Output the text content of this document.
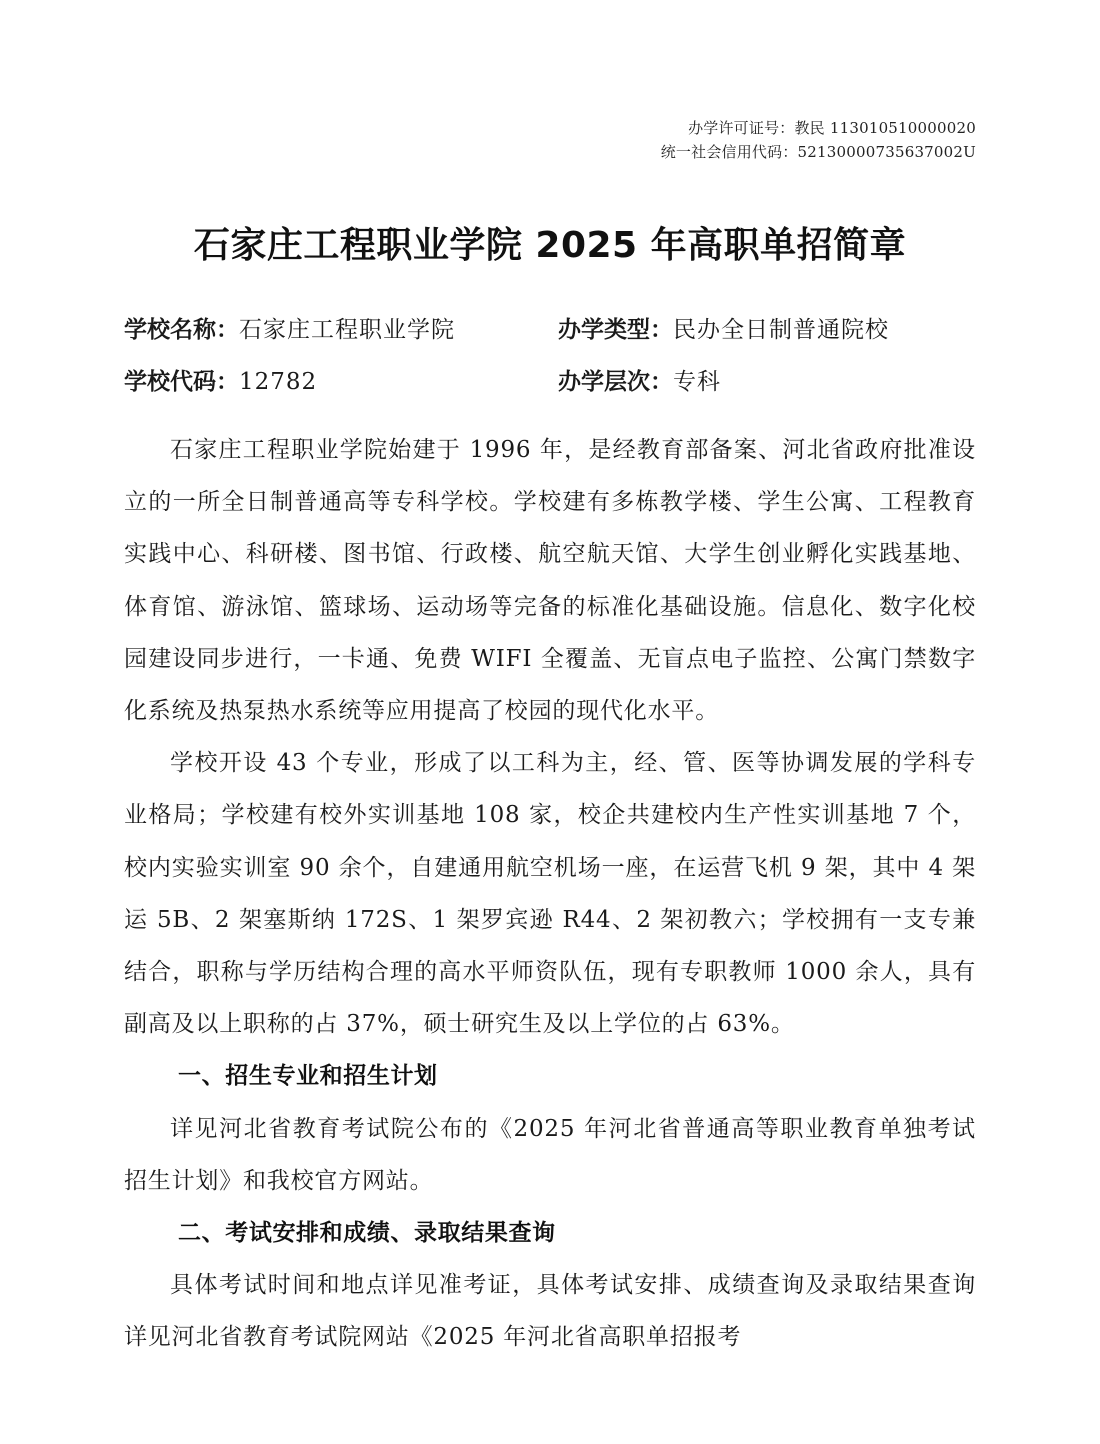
办学许可证号：教民 113010510000020
统一社会信用代码：52130000735637002U
石家庄工程职业学院 2025 年高职单招简章
学校名称：石家庄工程职业学院	办学类型：民办全日制普通院校
学校代码：12782	办学层次：专科

石家庄工程职业学院始建于 1996 年，是经教育部备案、河北省政府批准设立的一所全日制普通高等专科学校。学校建有多栋教学楼、学生公寓、工程教育实践中心、科研楼、图书馆、行政楼、航空航天馆、大学生创业孵化实践基地、体育馆、游泳馆、篮球场、运动场等完备的标准化基础设施。信息化、数字化校园建设同步进行，一卡通、免费 WIFI 全覆盖、无盲点电子监控、公寓门禁数字化系统及热泵热水系统等应用提高了校园的现代化水平。

学校开设 43 个专业，形成了以工科为主，经、管、医等协调发展的学科专业格局；学校建有校外实训基地 108 家，校企共建校内生产性实训基地 7 个，校内实验实训室 90 余个，自建通用航空机场一座，在运营飞机 9 架，其中 4 架运 5B、2 架塞斯纳 172S、1 架罗宾逊 R44、2 架初教六；学校拥有一支专兼结合，职称与学历结构合理的高水平师资队伍，现有专职教师 1000 余人，具有副高及以上职称的占 37%，硕士研究生及以上学位的占 63%。

一、招生专业和招生计划

详见河北省教育考试院公布的《2025 年河北省普通高等职业教育单独考试招生计划》和我校官方网站。

二、考试安排和成绩、录取结果查询

具体考试时间和地点详见准考证，具体考试安排、成绩查询及录取结果查询详见河北省教育考试院网站《2025 年河北省高职单招报考
